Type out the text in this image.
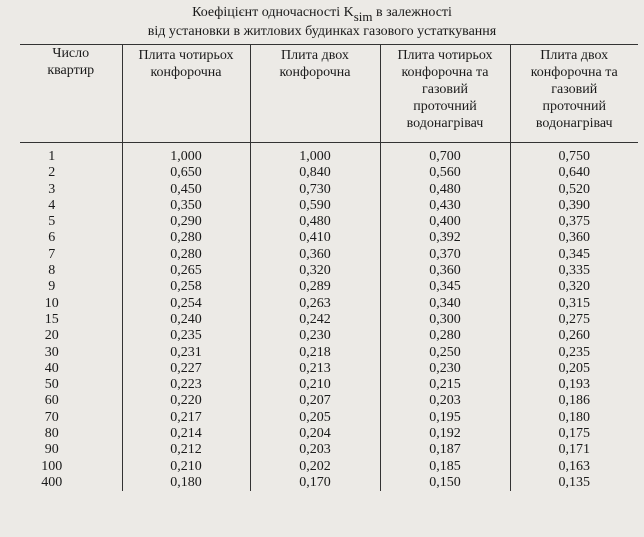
Коефіцієнт одночасності Ksim в залежності
від установки в житлових будинках газового устаткування
Число
квартир	Плита чотирьох
конфорочна	Плита двох
конфорочна	Плита чотирьох
конфорочна та
газовий
проточний
водонагрівач	Плита двох
конфорочна та
газовий
проточний
водонагрівач
1	1,000	1,000	0,700	0,750
2	0,650	0,840	0,560	0,640
3	0,450	0,730	0,480	0,520
4	0,350	0,590	0,430	0,390
5	0,290	0,480	0,400	0,375
6	0,280	0,410	0,392	0,360
7	0,280	0,360	0,370	0,345
8	0,265	0,320	0,360	0,335
9	0,258	0,289	0,345	0,320
10	0,254	0,263	0,340	0,315
15	0,240	0,242	0,300	0,275
20	0,235	0,230	0,280	0,260
30	0,231	0,218	0,250	0,235
40	0,227	0,213	0,230	0,205
50	0,223	0,210	0,215	0,193
60	0,220	0,207	0,203	0,186
70	0,217	0,205	0,195	0,180
80	0,214	0,204	0,192	0,175
90	0,212	0,203	0,187	0,171
100	0,210	0,202	0,185	0,163
400	0,180	0,170	0,150	0,135
